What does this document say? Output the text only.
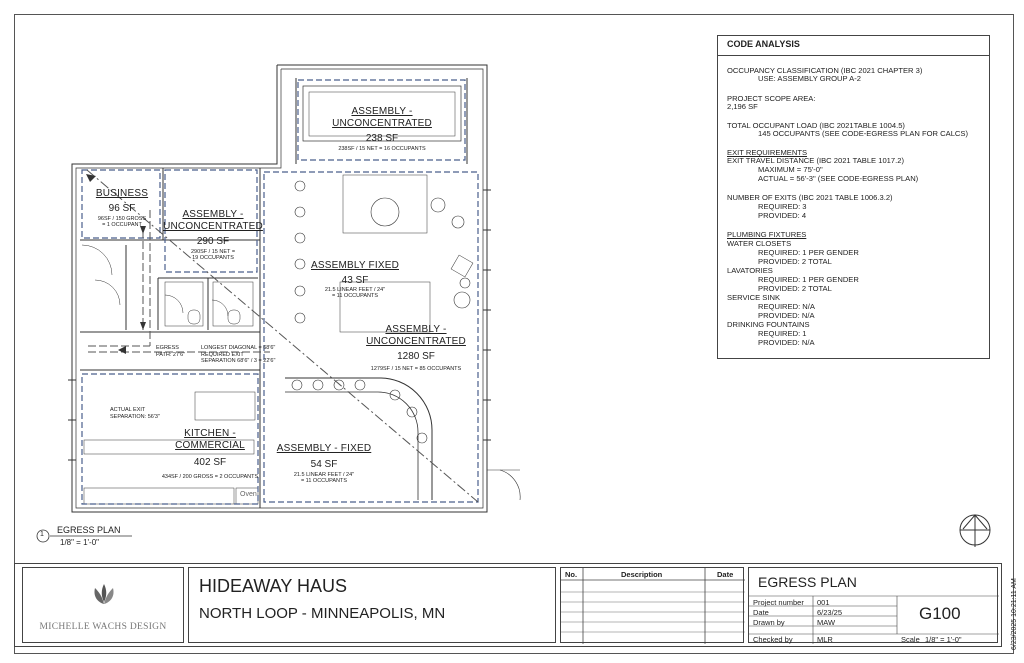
BUSINESS
96 SF
96SF / 150 GROSS
= 1 OCCUPANT
ASSEMBLY -
UNCONCENTRATED
290 SF
290SF / 15 NET =
19 OCCUPANTS
ASSEMBLY -
UNCONCENTRATED
238 SF
238SF / 15 NET = 16 OCCUPANTS
ASSEMBLY FIXED
43 SF
21.5 LINEAR FEET / 24"
= 11 OCCUPANTS
ASSEMBLY -
UNCONCENTRATED
1280 SF
1279SF / 15 NET = 85 OCCUPANTS
KITCHEN -
COMMERCIAL
402 SF
434SF / 200 GROSS = 2 OCCUPANTS
ASSEMBLY - FIXED
54 SF
21.5 LINEAR FEET / 24"
= 11 OCCUPANTS
EGRESS
PATH: 27'6"
LONGEST DIAGONAL = 68'6"
REQUIRED EXIT
SEPARATION 68'6" / 3 = 22'6"
ACTUAL EXIT
SEPARATION: 56'3"
Oven
1 EGRESS PLAN
1/8" = 1'-0"
CODE ANALYSIS
OCCUPANCY CLASSIFICATION (IBC 2021 CHAPTER 3)
USE: ASSEMBLY GROUP A-2
PROJECT SCOPE AREA:
2,196 SF
TOTAL OCCUPANT LOAD (IBC 2021TABLE 1004.5)
145 OCCUPANTS (SEE CODE-EGRESS PLAN FOR CALCS)
EXIT REQUIREMENTS
EXIT TRAVEL DISTANCE (IBC 2021 TABLE 1017.2)
MAXIMUM = 75'-0"
ACTUAL = 56'-3" (SEE CODE-EGRESS PLAN)
NUMBER OF EXITS (IBC 2021 TABLE 1006.3.2)
REQUIRED: 3
PROVIDED: 4
PLUMBING FIXTURES
WATER CLOSETS
REQUIRED: 1 PER GENDER
PROVIDED: 2 TOTAL
LAVATORIES
REQUIRED: 1 PER GENDER
PROVIDED: 2 TOTAL
SERVICE SINK
REQUIRED: N/A
PROVIDED: N/A
DRINKING FOUNTAINS
REQUIRED: 1
PROVIDED: N/A
MICHELLE WACHS DESIGN
HIDEAWAY HAUS
NORTH LOOP - MINNEAPOLIS, MN
No.	Description	Date EGRESS PLAN
Project number 001
Date	6/23/25
Drawn by	MAW
Checked by	MLR
G100
Scale 1/8" = 1'-0"	6/23/2025 10:21:11 AM
